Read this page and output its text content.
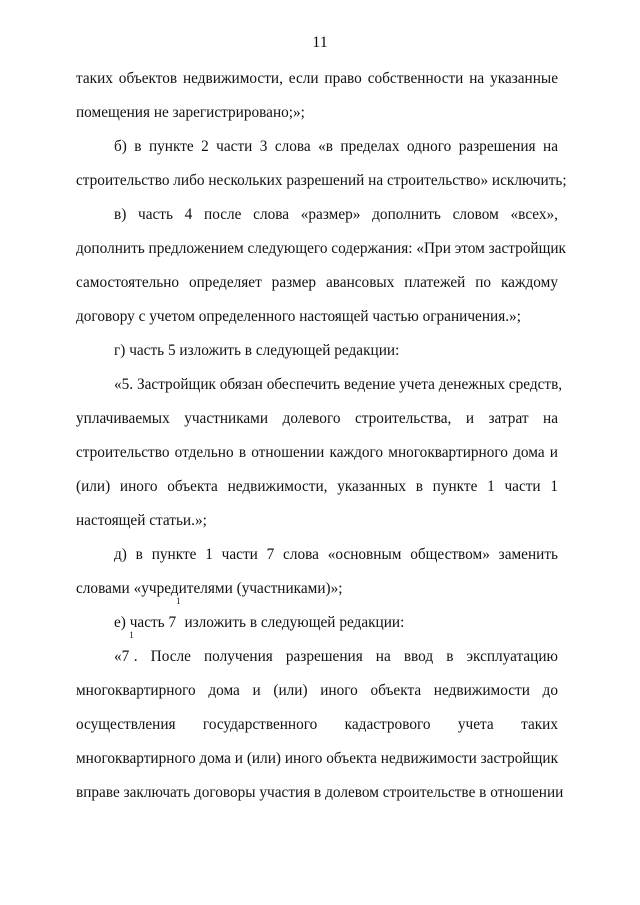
11
таких объектов недвижимости, если право собственности на указанные
помещения не зарегистрировано;»;
б) в пункте 2 части 3 слова «в пределах одного разрешения на
строительство либо нескольких разрешений на строительство» исключить;
в) часть 4 после слова «размер» дополнить словом «всех»,
дополнить предложением следующего содержания: «При этом застройщик
самостоятельно определяет размер авансовых платежей по каждому
договору с учетом определенного настоящей частью ограничения.»;
г) часть 5 изложить в следующей редакции:
«5. Застройщик обязан обеспечить ведение учета денежных средств,
уплачиваемых участниками долевого строительства, и затрат на
строительство отдельно в отношении каждого многоквартирного дома и
(или) иного объекта недвижимости, указанных в пункте 1 части 1
настоящей статьи.»;
д) в пункте 1 части 7 слова «основным обществом» заменить
словами «учредителями (участниками)»;
е) часть $7^1$ изложить в следующей редакции:
«$7^1$. После получения разрешения на ввод в эксплуатацию
многоквартирного дома и (или) иного объекта недвижимости до
осуществления государственного кадастрового учета таких
многоквартирного дома и (или) иного объекта недвижимости застройщик
вправе заключать договоры участия в долевом строительстве в отношении
